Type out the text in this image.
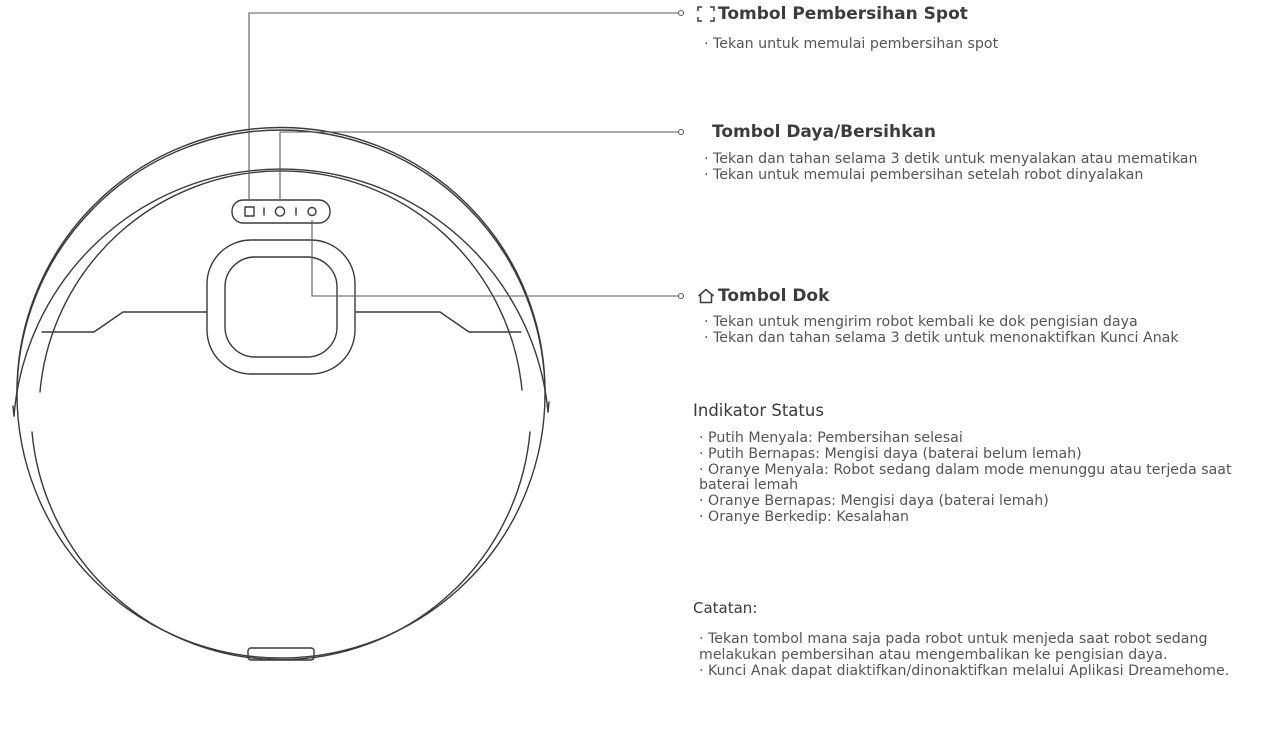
Tombol Pembersihan Spot
· Tekan untuk memulai pembersihan spot
Tombol Daya/Bersihkan
· Tekan dan tahan selama 3 detik untuk menyalakan atau mematikan
· Tekan untuk memulai pembersihan setelah robot dinyalakan
Tombol Dok
· Tekan untuk mengirim robot kembali ke dok pengisian daya
· Tekan dan tahan selama 3 detik untuk menonaktifkan Kunci Anak
Indikator Status
· Putih Menyala: Pembersihan selesai
· Putih Bernapas: Mengisi daya (baterai belum lemah)
· Oranye Menyala: Robot sedang dalam mode menunggu atau terjeda saat baterai lemah
· Oranye Bernapas: Mengisi daya (baterai lemah)
· Oranye Berkedip: Kesalahan
Catatan:
· Tekan tombol mana saja pada robot untuk menjeda saat robot sedang melakukan pembersihan atau mengembalikan ke pengisian daya.
· Kunci Anak dapat diaktifkan/dinonaktifkan melalui Aplikasi Dreamehome.
